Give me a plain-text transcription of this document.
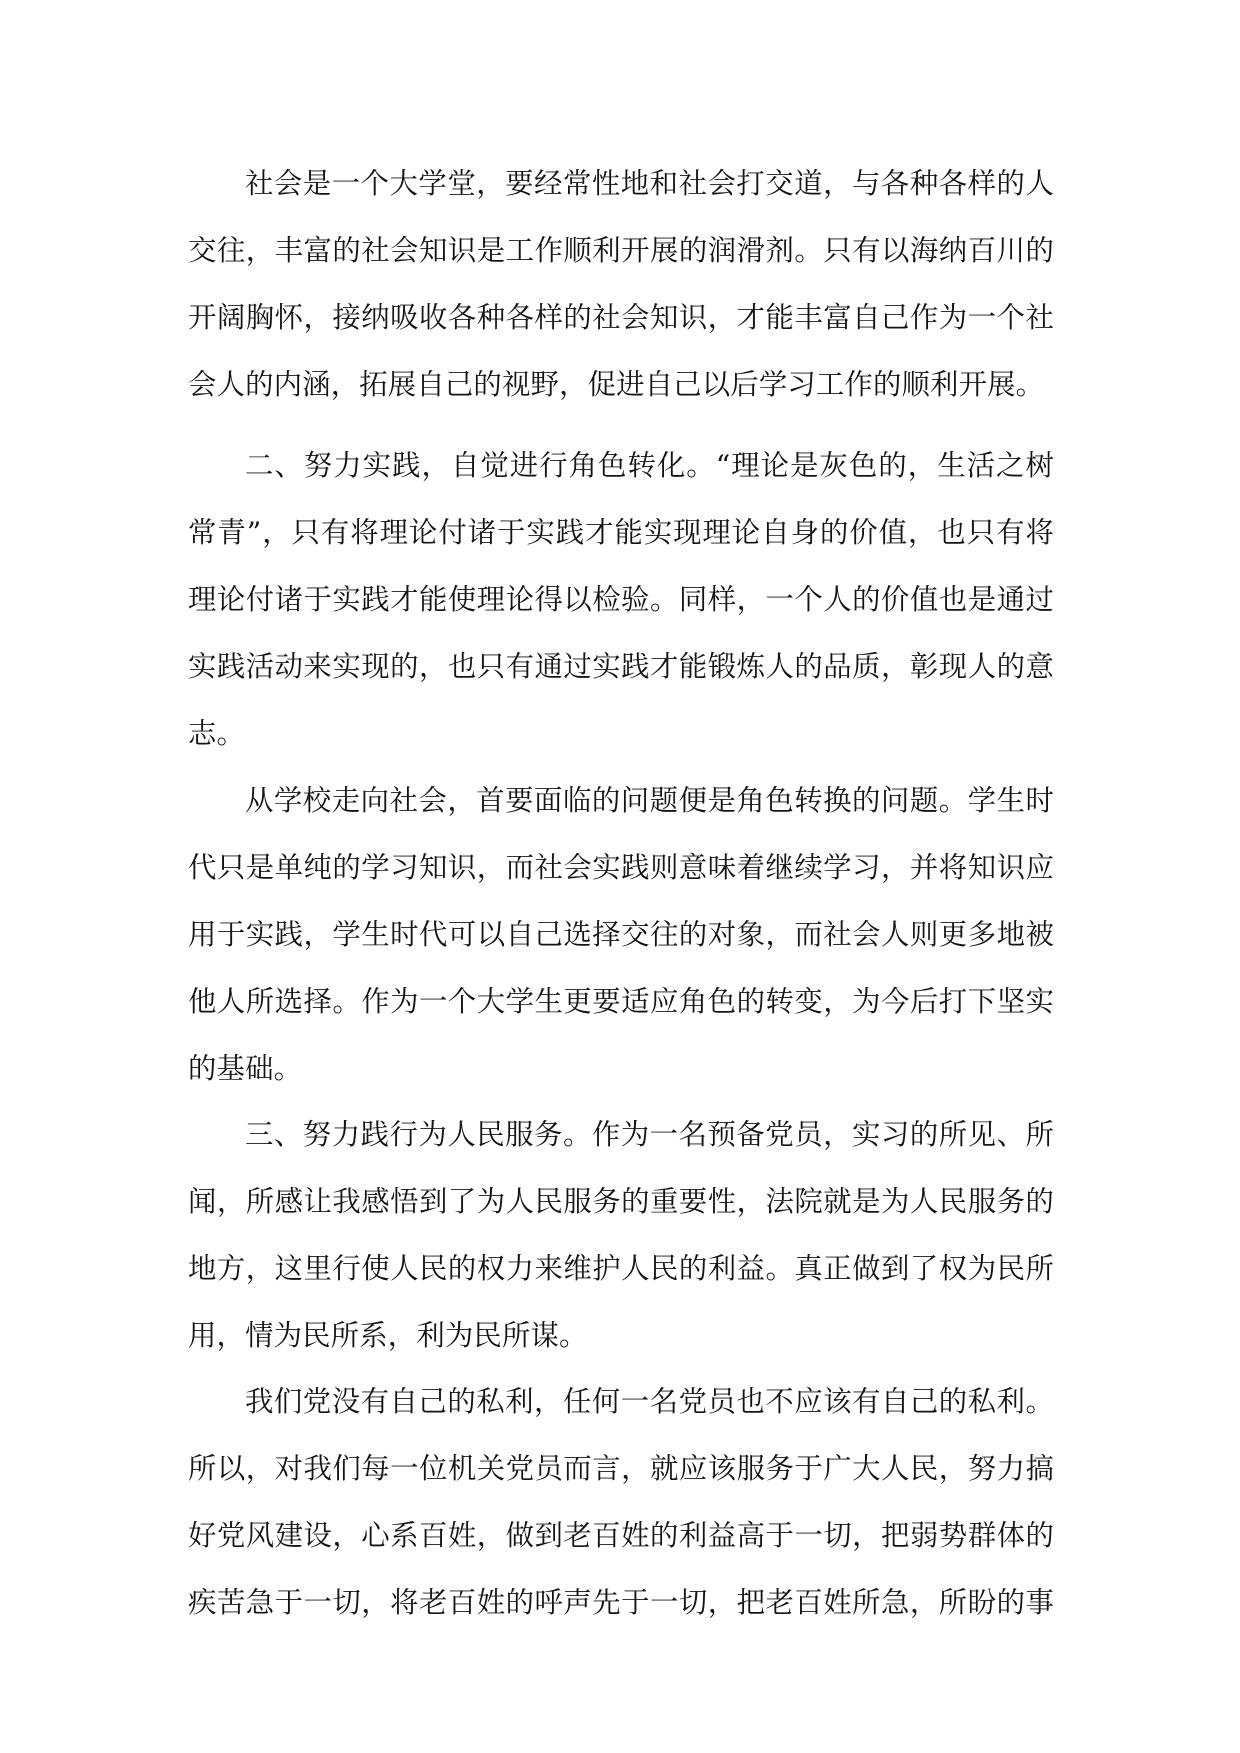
社会是一个大学堂，要经常性地和社会打交道，与各种各样的人
交往，丰富的社会知识是工作顺利开展的润滑剂。只有以海纳百川的
开阔胸怀，接纳吸收各种各样的社会知识，才能丰富自己作为一个社
会人的内涵，拓展自己的视野，促进自己以后学习工作的顺利开展。
二、努力实践，自觉进行角色转化。“理论是灰色的，生活之树
常青”，只有将理论付诸于实践才能实现理论自身的价值，也只有将
理论付诸于实践才能使理论得以检验。同样，一个人的价值也是通过
实践活动来实现的，也只有通过实践才能锻炼人的品质，彰现人的意
志。
从学校走向社会，首要面临的问题便是角色转换的问题。学生时
代只是单纯的学习知识，而社会实践则意味着继续学习，并将知识应
用于实践，学生时代可以自己选择交往的对象，而社会人则更多地被
他人所选择。作为一个大学生更要适应角色的转变，为今后打下坚实
的基础。
三、努力践行为人民服务。作为一名预备党员，实习的所见、所
闻，所感让我感悟到了为人民服务的重要性，法院就是为人民服务的
地方，这里行使人民的权力来维护人民的利益。真正做到了权为民所
用，情为民所系，利为民所谋。
我们党没有自己的私利，任何一名党员也不应该有自己的私利。
所以，对我们每一位机关党员而言，就应该服务于广大人民，努力搞
好党风建设，心系百姓，做到老百姓的利益高于一切，把弱势群体的
疾苦急于一切，将老百姓的呼声先于一切，把老百姓所急，所盼的事
